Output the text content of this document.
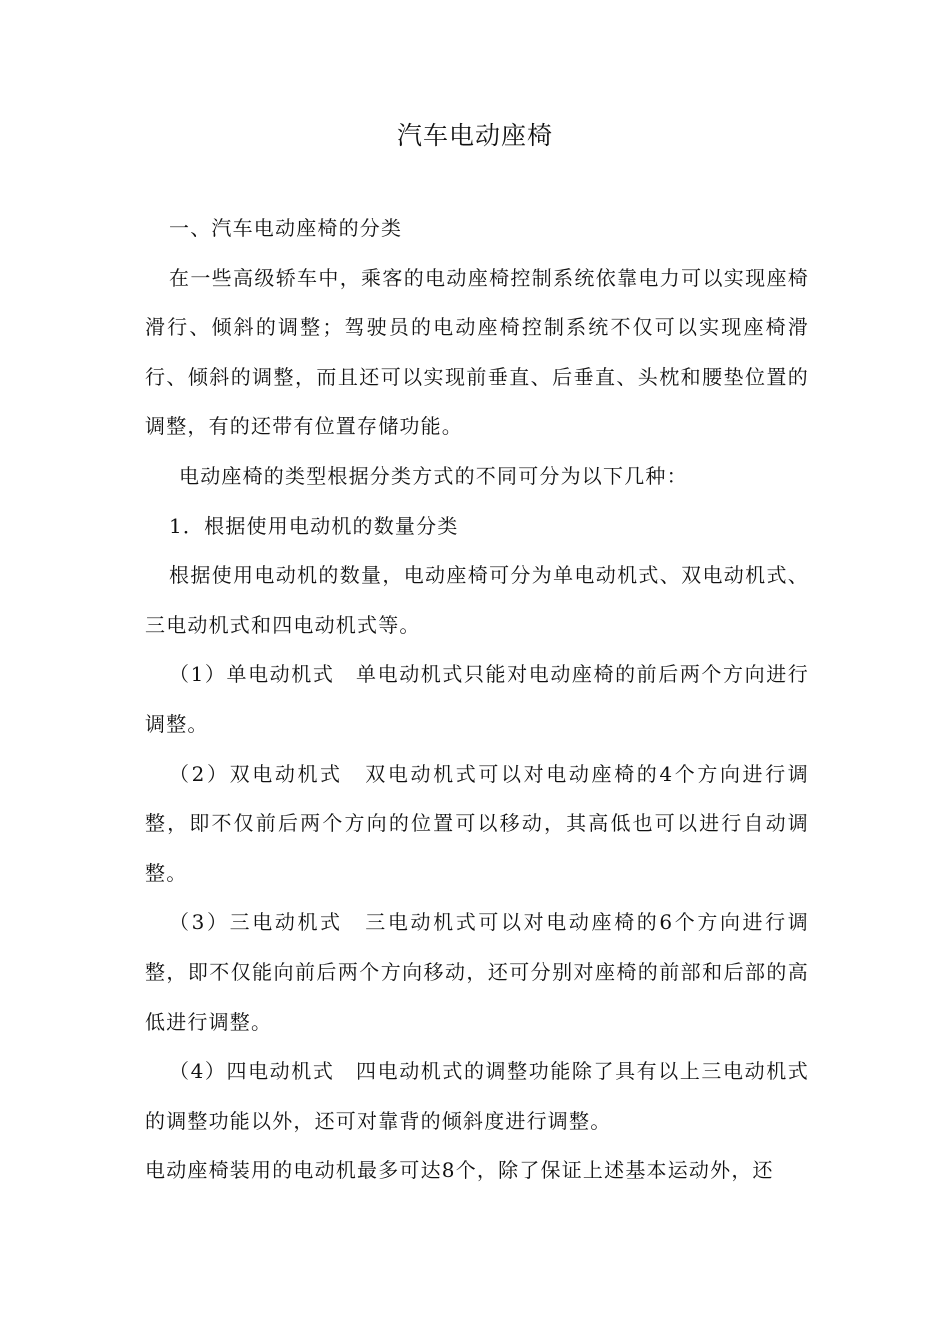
汽车电动座椅

一、汽车电动座椅的分类

在一些高级轿车中，乘客的电动座椅控制系统依靠电力可以实现座椅滑行、倾斜的调整；驾驶员的电动座椅控制系统不仅可以实现座椅滑行、倾斜的调整，而且还可以实现前垂直、后垂直、头枕和腰垫位置的调整，有的还带有位置存储功能。

电动座椅的类型根据分类方式的不同可分为以下几种：

1．根据使用电动机的数量分类

根据使用电动机的数量，电动座椅可分为单电动机式、双电动机式、三电动机式和四电动机式等。

（1）单电动机式　单电动机式只能对电动座椅的前后两个方向进行调整。

（2）双电动机式　双电动机式可以对电动座椅的4个方向进行调整，即不仅前后两个方向的位置可以移动，其高低也可以进行自动调整。

（3）三电动机式　三电动机式可以对电动座椅的6个方向进行调整，即不仅能向前后两个方向移动，还可分别对座椅的前部和后部的高低进行调整。

（4）四电动机式　四电动机式的调整功能除了具有以上三电动机式的调整功能以外，还可对靠背的倾斜度进行调整。

电动座椅装用的电动机最多可达8个，除了保证上述基本运动外，还
